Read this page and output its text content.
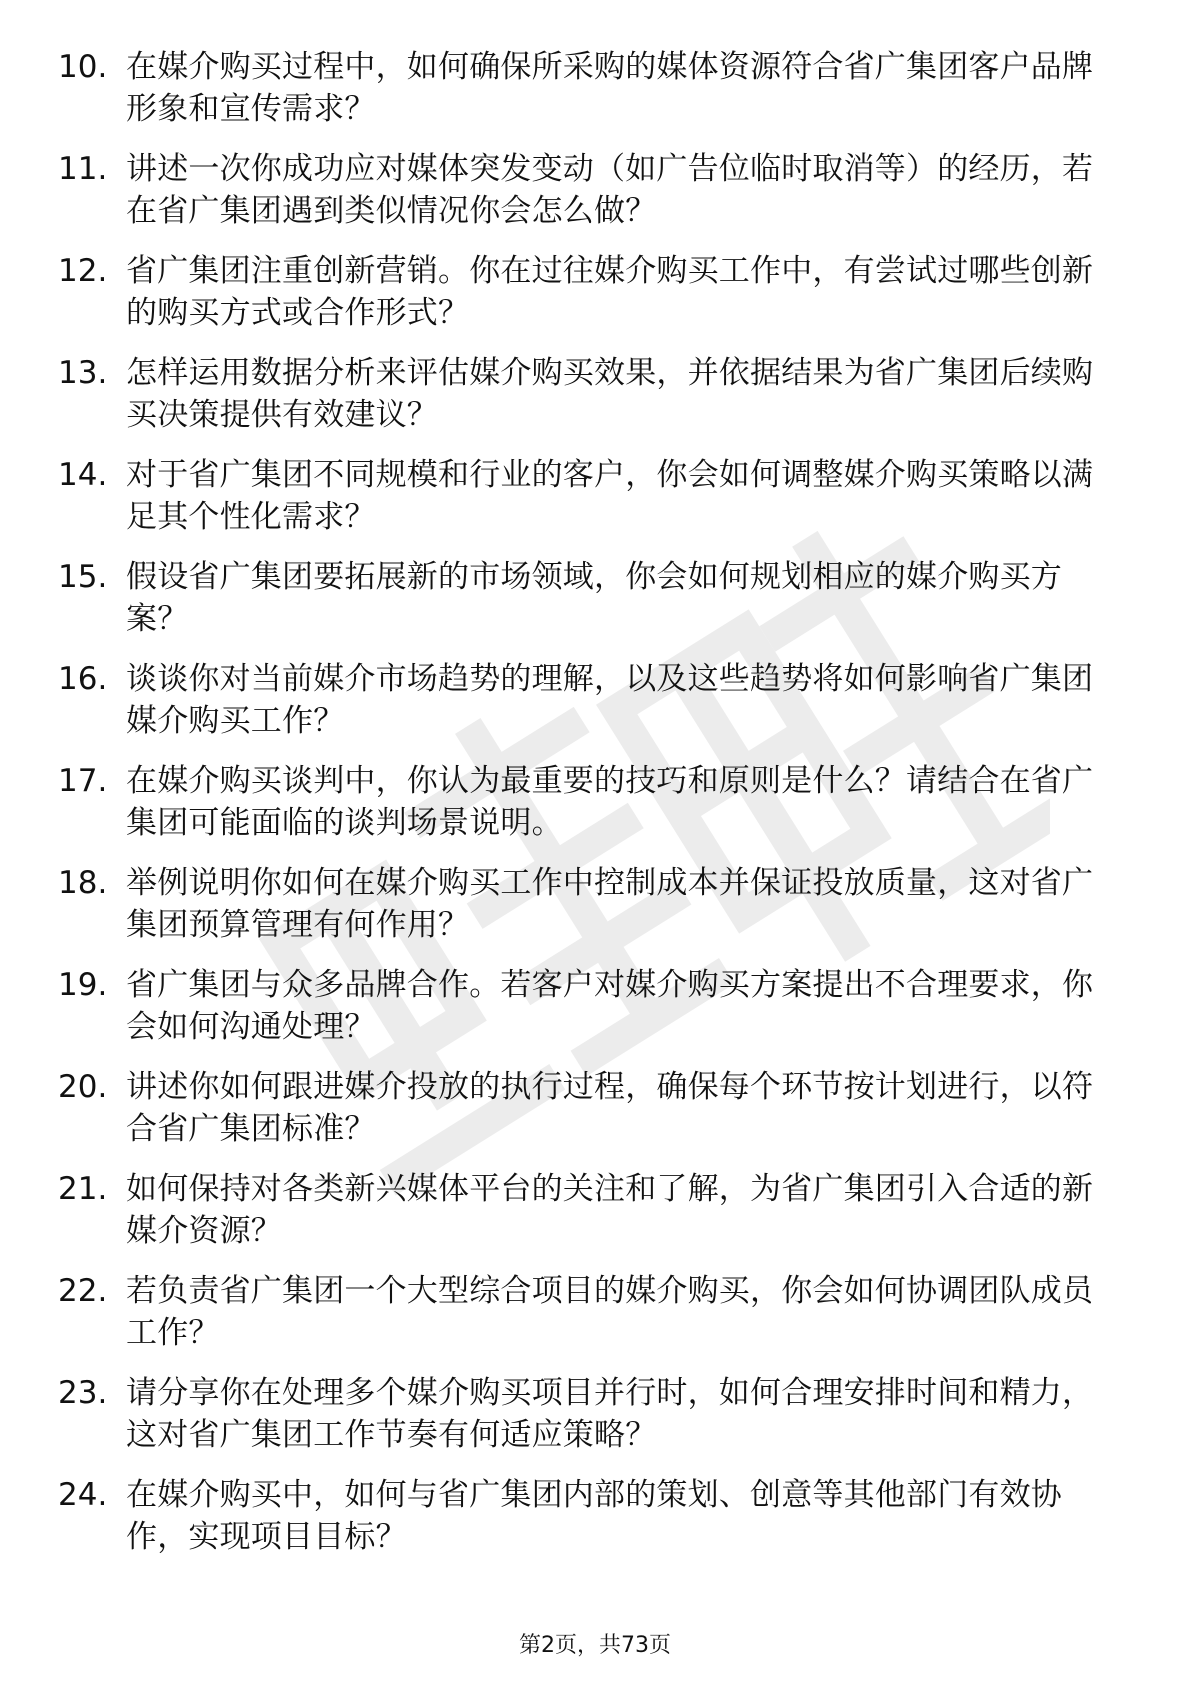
10. 在媒介购买过程中，如何确保所采购的媒体资源符合省广集团客户品牌形象和宣传需求？
11. 讲述一次你成功应对媒体突发变动（如广告位临时取消等）的经历，若在省广集团遇到类似情况你会怎么做？
12. 省广集团注重创新营销。你在过往媒介购买工作中，有尝试过哪些创新的购买方式或合作形式？
13. 怎样运用数据分析来评估媒介购买效果，并依据结果为省广集团后续购买决策提供有效建议？
14. 对于省广集团不同规模和行业的客户，你会如何调整媒介购买策略以满足其个性化需求？
15. 假设省广集团要拓展新的市场领域，你会如何规划相应的媒介购买方案？
16. 谈谈你对当前媒介市场趋势的理解，以及这些趋势将如何影响省广集团媒介购买工作？
17. 在媒介购买谈判中，你认为最重要的技巧和原则是什么？请结合在省广集团可能面临的谈判场景说明。
18. 举例说明你如何在媒介购买工作中控制成本并保证投放质量，这对省广集团预算管理有何作用？
19. 省广集团与众多品牌合作。若客户对媒介购买方案提出不合理要求，你会如何沟通处理？
20. 讲述你如何跟进媒介投放的执行过程，确保每个环节按计划进行，以符合省广集团标准？
21. 如何保持对各类新兴媒体平台的关注和了解，为省广集团引入合适的新媒介资源？
22. 若负责省广集团一个大型综合项目的媒介购买，你会如何协调团队成员工作？
23. 请分享你在处理多个媒介购买项目并行时，如何合理安排时间和精力，这对省广集团工作节奏有何适应策略？
24. 在媒介购买中，如何与省广集团内部的策划、创意等其他部门有效协作，实现项目目标？
第2页，共73页
